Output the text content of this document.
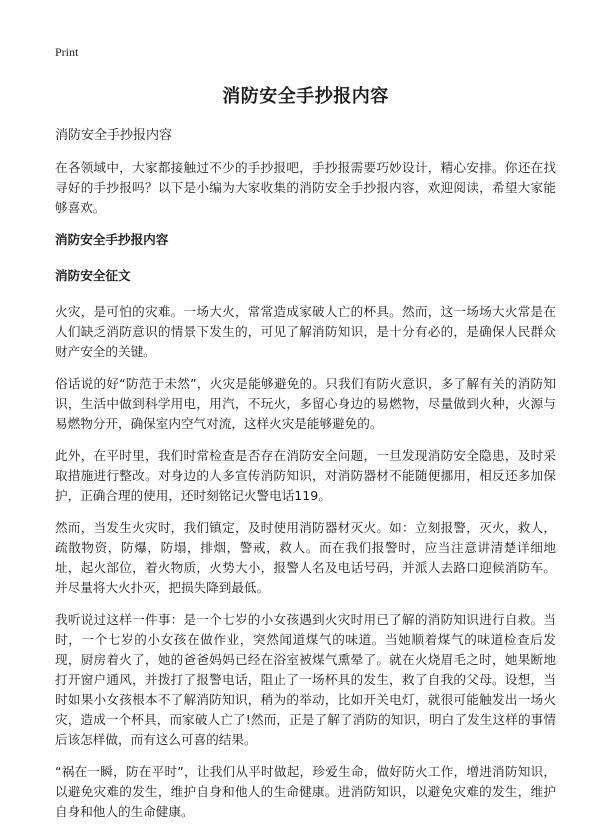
Print
消防安全手抄报内容
消防安全手抄报内容

在各领域中，大家都接触过不少的手抄报吧，手抄报需要巧妙设计，精心安排。你还在找寻好的手抄报吗？以下是小编为大家收集的消防安全手抄报内容，欢迎阅读，希望大家能够喜欢。

消防安全手抄报内容
消防安全征文

火灾，是可怕的灾难。一场大火，常常造成家破人亡的杯具。然而，这一场场大火常是在人们缺乏消防意识的情景下发生的，可见了解消防知识，是十分有必的，是确保人民群众财产安全的关键。

俗话说的好“防范于未然”，火灾是能够避免的。只我们有防火意识，多了解有关的消防知识，生活中做到科学用电，用汽，不玩火，多留心身边的易燃物，尽量做到火种，火源与易燃物分开，确保室内空气对流，这样火灾是能够避免的。

此外，在平时里，我们时常检查是否存在消防安全问题，一旦发现消防安全隐患，及时采取措施进行整改。对身边的人多宣传消防知识，对消防器材不能随便挪用，相反还多加保护，正确合理的使用，还时刻铭记火警电话119。

然而，当发生火灾时，我们镇定，及时使用消防器材灭火。如：立刻报警，灭火，救人，疏散物资，防爆，防塌，排烟，警戒，救人。而在我们报警时，应当注意讲清楚详细地址，起火部位，着火物质，火势大小，报警人名及电话号码，并派人去路口迎候消防车。并尽量将大火扑灭，把损失降到最低。

我听说过这样一件事：是一个七岁的小女孩遇到火灾时用已了解的消防知识进行自救。当时，一个七岁的小女孩在做作业，突然闻道煤气的味道。当她顺着煤气的味道检查后发现，厨房着火了，她的爸爸妈妈已经在浴室被煤气熏晕了。就在火烧眉毛之时，她果断地打开窗户通风，并拨打了报警电话，阻止了一场杯具的发生，救了自我的父母。设想，当时如果小女孩根本不了解消防知识，稍为的举动，比如开关电灯，就很可能触发出一场火灾，造成一个杯具，而家破人亡了!然而，正是了解了消防的知识，明白了发生这样的事情后该怎样做，而有这么可喜的结果。

“祸在一瞬，防在平时”，让我们从平时做起，珍爱生命，做好防火工作，增进消防知识，以避免灾难的发生，维护自身和他人的生命健康。进消防知识，以避免灾难的发生，维护自身和他人的生命健康。
